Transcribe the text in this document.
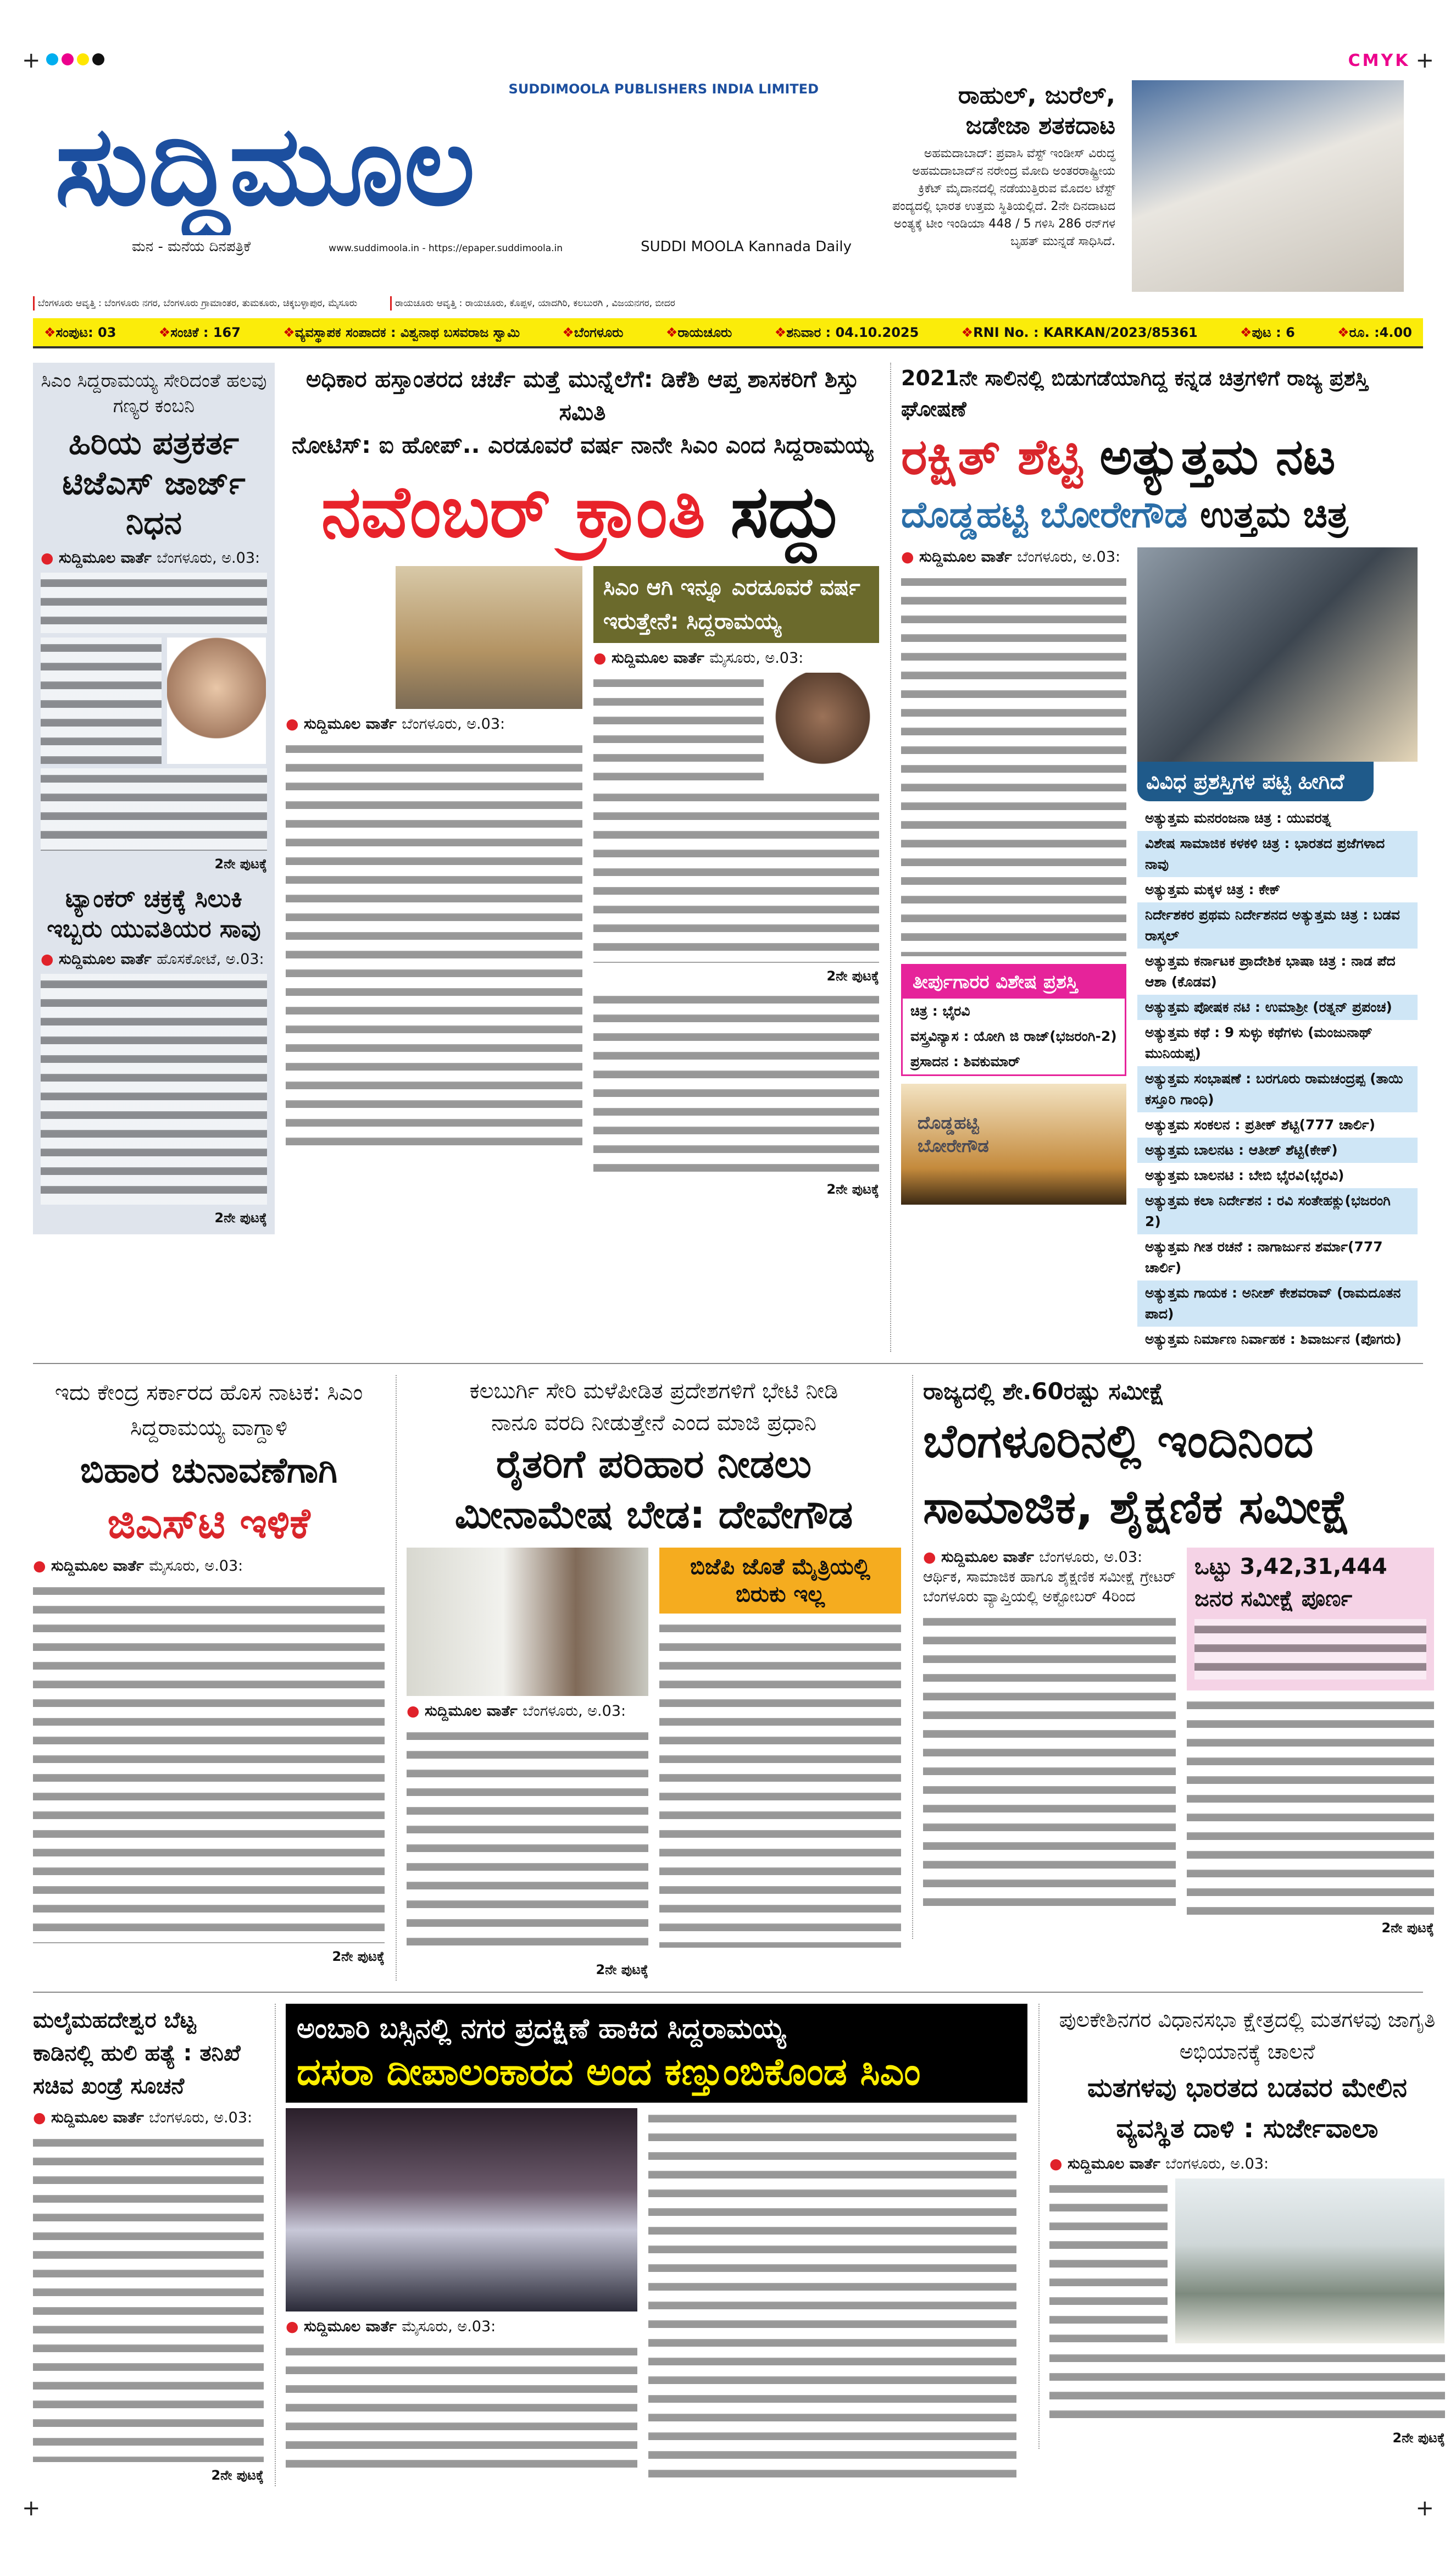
+	CMYK +
SUDDIMOOLA PUBLISHERS INDIA LIMITED
ಸುದ್ದಿಮೂಲ
ಮನ - ಮನೆಯ ದಿನಪತ್ರಿಕೆ	www.suddimoola.in - https://epaper.suddimoola.in	SUDDI MOOLA Kannada Daily
ರಾಹುಲ್, ಜುರೆಲ್, ಜಡೇಜಾ ಶತಕದಾಟ
ಅಹಮದಾಬಾದ್: ಪ್ರವಾಸಿ ವೆಸ್ಟ್ ಇಂಡೀಸ್ ವಿರುದ್ಧ ಅಹಮದಾಬಾದ್‌ನ ನರೇಂದ್ರ ಮೋದಿ ಅಂತರರಾಷ್ಟ್ರೀಯ ಕ್ರಿಕೆಟ್ ಮೈದಾನದಲ್ಲಿ ನಡೆಯುತ್ತಿರುವ ಮೊದಲ ಟೆಸ್ಟ್ ಪಂದ್ಯದಲ್ಲಿ ಭಾರತ ಉತ್ತಮ ಸ್ಥಿತಿಯಲ್ಲಿದೆ. 2ನೇ ದಿನದಾಟದ ಅಂತ್ಯಕ್ಕೆ ಟೀಂ ಇಂಡಿಯಾ 448 / 5 ಗಳಿಸಿ 286 ರನ್‌ಗಳ ಬೃಹತ್ ಮುನ್ನಡೆ ಸಾಧಿಸಿದೆ.
ಬೆಂಗಳೂರು ಆವೃತ್ತಿ : ಬೆಂಗಳೂರು ನಗರ, ಬೆಂಗಳೂರು ಗ್ರಾಮಾಂತರ, ತುಮಕೂರು, ಚಿಕ್ಕಬಳ್ಳಾಪುರ, ಮೈಸೂರು	ರಾಯಚೂರು ಆವೃತ್ತಿ : ರಾಯಚೂರು, ಕೊಪ್ಪಳ, ಯಾದಗಿರಿ, ಕಲಬುರಗಿ , ವಿಜಯನಗರ, ಬೀದರ
❖ಸಂಪುಟ: 03	❖ಸಂಚಿಕೆ : 167	❖ವ್ಯವಸ್ಥಾಪಕ ಸಂಪಾದಕ : ವಿಶ್ವನಾಥ ಬಸವರಾಜ ಸ್ವಾಮಿ	❖ಬೆಂಗಳೂರು	❖ರಾಯಚೂರು	❖ಶನಿವಾರ : 04.10.2025	❖RNI No. : KARKAN/2023/85361	❖ಪುಟ : 6	❖ರೂ. :4.00
ಸಿಎಂ ಸಿದ್ದರಾಮಯ್ಯ ಸೇರಿದಂತೆ ಹಲವು ಗಣ್ಯರ ಕಂಬನಿ
ಹಿರಿಯ ಪತ್ರಕರ್ತ ಟಿಜೆಎಸ್ ಜಾರ್ಜ್ ನಿಧನ
● ಸುದ್ದಿಮೂಲ ವಾರ್ತೆ ಬೆಂಗಳೂರು, ಅ.03:
2ನೇ ಪುಟಕ್ಕೆ
ಟ್ಯಾಂಕರ್ ಚಕ್ರಕ್ಕೆ ಸಿಲುಕಿ ಇಬ್ಬರು ಯುವತಿಯರ ಸಾವು
● ಸುದ್ದಿಮೂಲ ವಾರ್ತೆ ಹೊಸಕೋಟೆ, ಅ.03:
2ನೇ ಪುಟಕ್ಕೆ
ಅಧಿಕಾರ ಹಸ್ತಾಂತರದ ಚರ್ಚೆ ಮತ್ತೆ ಮುನ್ನೆಲೆಗೆ: ಡಿಕೆಶಿ ಆಪ್ತ ಶಾಸಕರಿಗೆ ಶಿಸ್ತು ಸಮಿತಿ
ನೋಟಿಸ್: ಐ ಹೋಪ್.. ಎರಡೂವರೆ ವರ್ಷ ನಾನೇ ಸಿಎಂ ಎಂದ ಸಿದ್ದರಾಮಯ್ಯ
ನವೆಂಬರ್ ಕ್ರಾಂತಿ ಸದ್ದು
● ಸುದ್ದಿಮೂಲ ವಾರ್ತೆ ಬೆಂಗಳೂರು, ಅ.03:
ಸಿಎಂ ಆಗಿ ಇನ್ನೂ ಎರಡೂವರೆ ವರ್ಷ ಇರುತ್ತೇನೆ: ಸಿದ್ದರಾಮಯ್ಯ
● ಸುದ್ದಿಮೂಲ ವಾರ್ತೆ ಮೈಸೂರು, ಅ.03:
2ನೇ ಪುಟಕ್ಕೆ
2ನೇ ಪುಟಕ್ಕೆ
2021ನೇ ಸಾಲಿನಲ್ಲಿ ಬಿಡುಗಡೆಯಾಗಿದ್ದ ಕನ್ನಡ ಚಿತ್ರಗಳಿಗೆ ರಾಜ್ಯ ಪ್ರಶಸ್ತಿ ಘೋಷಣೆ
ರಕ್ಷಿತ್ ಶೆಟ್ಟಿ ಅತ್ಯುತ್ತಮ ನಟ
ದೊಡ್ಡಹಟ್ಟಿ ಬೋರೇಗೌಡ ಉತ್ತಮ ಚಿತ್ರ
● ಸುದ್ದಿಮೂಲ ವಾರ್ತೆ ಬೆಂಗಳೂರು, ಅ.03:
ತೀರ್ಪುಗಾರರ ವಿಶೇಷ ಪ್ರಶಸ್ತಿ
ಚಿತ್ರ : ಭೈರವಿ
ವಸ್ತ್ರವಿನ್ಯಾಸ : ಯೋಗಿ ಜಿ ರಾಜ್(ಭಜರಂಗಿ-2)
ಪ್ರಸಾದನ : ಶಿವಕುಮಾರ್
ದೊಡ್ಡಹಟ್ಟಿ ಬೋರೇಗೌಡ
ವಿವಿಧ ಪ್ರಶಸ್ತಿಗಳ ಪಟ್ಟಿ ಹೀಗಿದೆ
ಅತ್ಯುತ್ತಮ ಮನರಂಜನಾ ಚಿತ್ರ : ಯುವರತ್ನ
ವಿಶೇಷ ಸಾಮಾಜಿಕ ಕಳಕಳಿ ಚಿತ್ರ : ಭಾರತದ ಪ್ರಜೆಗಳಾದ ನಾವು
ಅತ್ಯುತ್ತಮ ಮಕ್ಕಳ ಚಿತ್ರ : ಕೇಕ್
ನಿರ್ದೇಶಕರ ಪ್ರಥಮ ನಿರ್ದೇಶನದ ಅತ್ಯುತ್ತಮ ಚಿತ್ರ : ಬಡವ ರಾಸ್ಕಲ್
ಅತ್ಯುತ್ತಮ ಕರ್ನಾಟಕ ಪ್ರಾದೇಶಿಕ ಭಾಷಾ ಚಿತ್ರ : ನಾಡ ಪೆದ ಆಶಾ (ಕೊಡವ)
ಅತ್ಯುತ್ತಮ ಪೋಷಕ ನಟಿ : ಉಮಾಶ್ರೀ (ರತ್ನನ್ ಪ್ರಪಂಚ)
ಅತ್ಯುತ್ತಮ ಕಥೆ : 9 ಸುಳ್ಳು ಕಥೆಗಳು (ಮಂಜುನಾಥ್ ಮುನಿಯಪ್ಪ)
ಅತ್ಯುತ್ತಮ ಸಂಭಾಷಣೆ : ಬರಗೂರು ರಾಮಚಂದ್ರಪ್ಪ (ತಾಯಿ ಕಸ್ತೂರಿ ಗಾಂಧಿ)
ಅತ್ಯುತ್ತಮ ಸಂಕಲನ : ಪ್ರತೀಕ್ ಶೆಟ್ಟಿ(777 ಚಾರ್ಲಿ)
ಅತ್ಯುತ್ತಮ ಬಾಲನಟ : ಆತೀಶ್ ಶೆಟ್ಟಿ(ಕೇಕ್)
ಅತ್ಯುತ್ತಮ ಬಾಲನಟಿ : ಬೇಬಿ ಭೈರವಿ(ಭೈರವಿ)
ಅತ್ಯುತ್ತಮ ಕಲಾ ನಿರ್ದೇಶನ : ರವಿ ಸಂತೇಹಕ್ಲು(ಭಜರಂಗಿ 2)
ಅತ್ಯುತ್ತಮ ಗೀತ ರಚನೆ : ನಾಗಾರ್ಜುನ ಶರ್ಮಾ(777 ಚಾರ್ಲಿ)
ಅತ್ಯುತ್ತಮ ಗಾಯಕ : ಅನೀಶ್ ಕೇಶವರಾವ್ (ರಾಮದೂತನ ಪಾದ)
ಅತ್ಯುತ್ತಮ ನಿರ್ಮಾಣ ನಿರ್ವಾಹಕ : ಶಿವಾರ್ಜುನ (ಪೊಗರು)
ಇದು ಕೇಂದ್ರ ಸರ್ಕಾರದ ಹೊಸ ನಾಟಕ: ಸಿಎಂ ಸಿದ್ದರಾಮಯ್ಯ ವಾಗ್ದಾಳಿ
ಬಿಹಾರ ಚುನಾವಣೆಗಾಗಿ
ಜಿಎಸ್‌ಟಿ ಇಳಿಕೆ
● ಸುದ್ದಿಮೂಲ ವಾರ್ತೆ ಮೈಸೂರು, ಅ.03:
2ನೇ ಪುಟಕ್ಕೆ
ಕಲಬುರ್ಗಿ ಸೇರಿ ಮಳೆಪೀಡಿತ ಪ್ರದೇಶಗಳಿಗೆ ಭೇಟಿ ನೀಡಿ
ನಾನೂ ವರದಿ ನೀಡುತ್ತೇನೆ ಎಂದ ಮಾಜಿ ಪ್ರಧಾನಿ
ರೈತರಿಗೆ ಪರಿಹಾರ ನೀಡಲು
ಮೀನಾಮೇಷ ಬೇಡ: ದೇವೇಗೌಡ
● ಸುದ್ದಿಮೂಲ ವಾರ್ತೆ ಬೆಂಗಳೂರು, ಅ.03:
2ನೇ ಪುಟಕ್ಕೆ
ಬಿಜೆಪಿ ಜೊತೆ ಮೈತ್ರಿಯಲ್ಲಿ ಬಿರುಕು ಇಲ್ಲ
ರಾಜ್ಯದಲ್ಲಿ ಶೇ.60ರಷ್ಟು ಸಮೀಕ್ಷೆ
ಬೆಂಗಳೂರಿನಲ್ಲಿ ಇಂದಿನಿಂದ
ಸಾಮಾಜಿಕ, ಶೈಕ್ಷಣಿಕ ಸಮೀಕ್ಷೆ
● ಸುದ್ದಿಮೂಲ ವಾರ್ತೆ ಬೆಂಗಳೂರು, ಅ.03:
ಆರ್ಥಿಕ, ಸಾಮಾಜಿಕ ಹಾಗೂ ಶೈಕ್ಷಣಿಕ ಸಮೀಕ್ಷೆ ಗ್ರೇಟರ್ ಬೆಂಗಳೂರು ವ್ಯಾಪ್ತಿಯಲ್ಲಿ ಅಕ್ಟೋಬರ್ 4ರಿಂದ
ಒಟ್ಟು 3,42,31,444 ಜನರ ಸಮೀಕ್ಷೆ ಪೂರ್ಣ
2ನೇ ಪುಟಕ್ಕೆ
ಮಲೈಮಹದೇಶ್ವರ ಬೆಟ್ಟ ಕಾಡಿನಲ್ಲಿ ಹುಲಿ ಹತ್ಯೆ : ತನಿಖೆ ಸಚಿವ ಖಂಡ್ರೆ ಸೂಚನೆ
● ಸುದ್ದಿಮೂಲ ವಾರ್ತೆ ಬೆಂಗಳೂರು, ಅ.03:
2ನೇ ಪುಟಕ್ಕೆ
ಅಂಬಾರಿ ಬಸ್ಸಿನಲ್ಲಿ ನಗರ ಪ್ರದಕ್ಷಿಣೆ ಹಾಕಿದ ಸಿದ್ದರಾಮಯ್ಯ
ದಸರಾ ದೀಪಾಲಂಕಾರದ ಅಂದ ಕಣ್ತುಂಬಿಕೊಂಡ ಸಿಎಂ
● ಸುದ್ದಿಮೂಲ ವಾರ್ತೆ ಮೈಸೂರು, ಅ.03:
ಪುಲಕೇಶಿನಗರ ವಿಧಾನಸಭಾ ಕ್ಷೇತ್ರದಲ್ಲಿ ಮತಗಳವು ಜಾಗೃತಿ ಅಭಿಯಾನಕ್ಕೆ ಚಾಲನೆ
ಮತಗಳವು ಭಾರತದ ಬಡವರ ಮೇಲಿನ ವ್ಯವಸ್ಥಿತ ದಾಳಿ : ಸುರ್ಜೇವಾಲಾ
● ಸುದ್ದಿಮೂಲ ವಾರ್ತೆ ಬೆಂಗಳೂರು, ಅ.03:
2ನೇ ಪುಟಕ್ಕೆ
+	+
